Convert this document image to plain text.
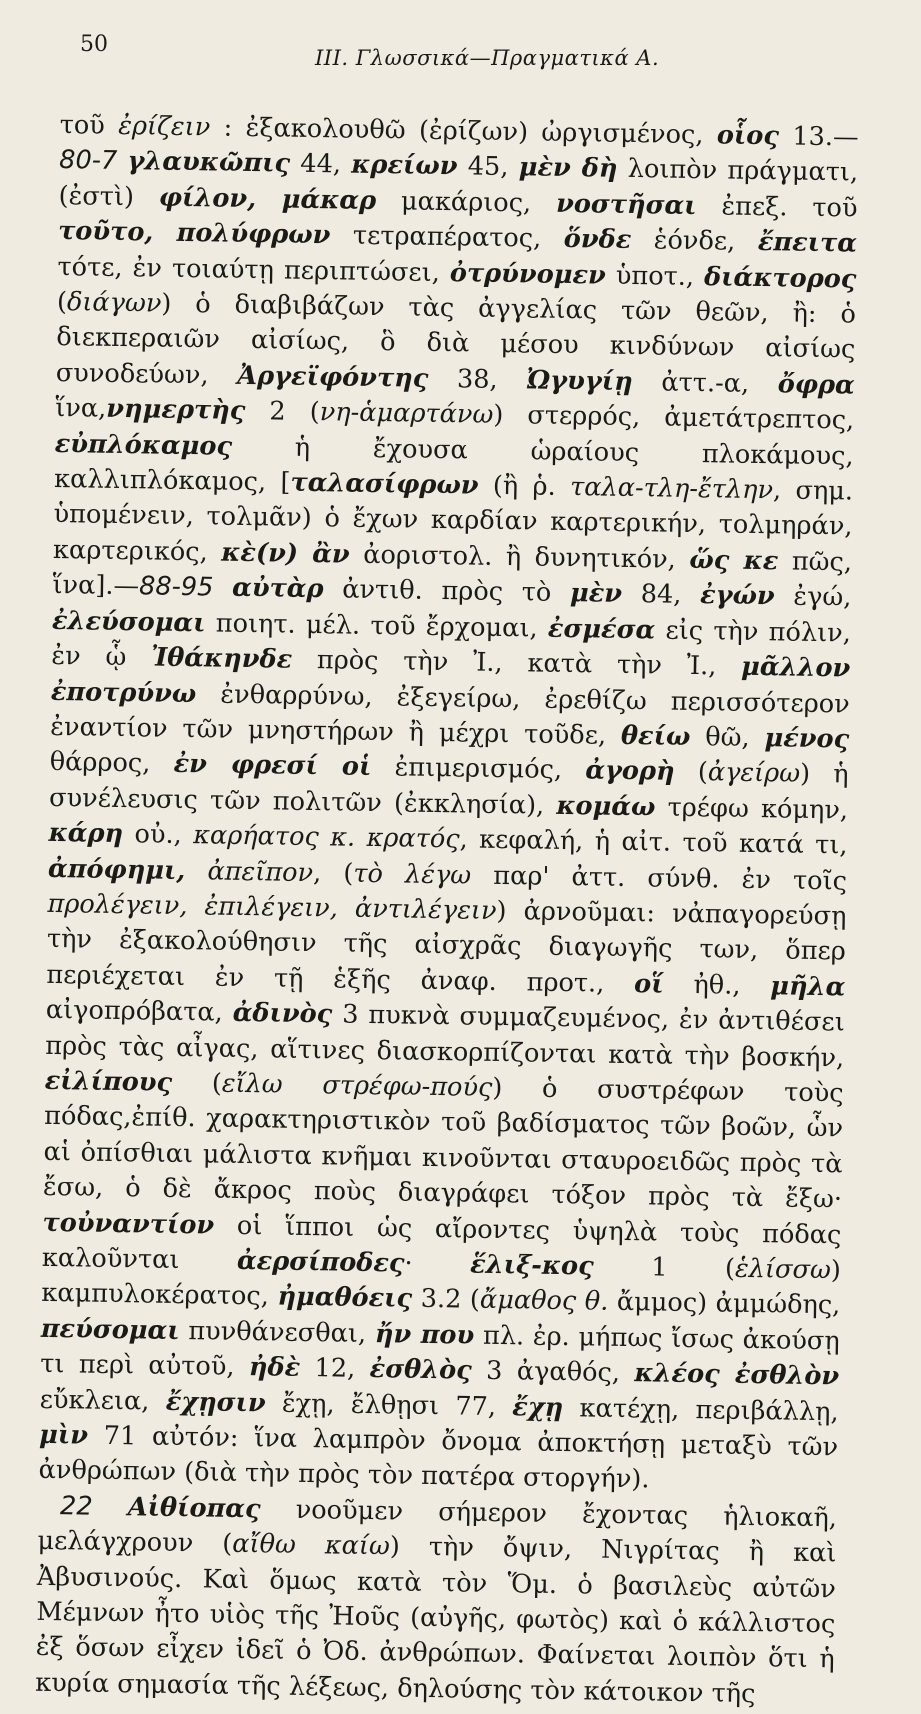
50
ΙΙΙ. Γλωσσικά—Πραγματικά Α.
τοῦ ἐρίζειν : ἐξακολουθῶ (ἐρίζων) ὠργισμένος, οἷος 13.—80-7 γλαυκῶπις 44, κρείων 45, μὲν δὴ λοιπὸν πράγματι, (ἐστὶ) φίλον, μάκαρ μακάριος, νοστῆσαι ἐπεξ. τοῦ τοῦτο, πολύφρων τετραπέρατος, ὅνδε ἑόνδε, ἔπειτα τότε, ἐν τοιαύτῃ περιπτώσει, ὀτρύνομεν ὑποτ., διάκτορος (διάγων) ὁ διαβιβάζων τὰς ἀγγελίας τῶν θεῶν, ἢ: ὁ διεκπεραιῶν αἰσίως, ὃ διὰ μέσου κινδύνων αἰσίως συνοδεύων, Ἀργεϊφόντης 38, Ὠγυγίῃ ἀττ.-α, ὄφρα ἵνα,νημερτὴς 2 (νη-ἁμαρτάνω) στερρός, ἀμετάτρεπτος, εὐπλόκαμος ἡ ἔχουσα ὡραίους πλοκάμους, καλλιπλόκαμος, [ταλασίφρων (ἢ ῥ. ταλα-τλη-ἔτλην, σημ. ὑπομένειν, τολμᾶν) ὁ ἔχων καρδίαν καρτερικήν, τολμηράν, καρτερικός, κὲ(ν) ἂν ἀοριστολ. ἢ δυνητικόν, ὥς κε πῶς, ἵνα].—88-95 αὐτὰρ ἀντιθ. πρὸς τὸ μὲν 84, ἐγών ἐγώ, ἐλεύσομαι ποιητ. μέλ. τοῦ ἔρχομαι, ἐσμέσα εἰς τὴν πόλιν, ἐν ᾧ Ἰθάκηνδε πρὸς τὴν Ἰ., κατὰ τὴν Ἰ., μᾶλλον ἐποτρύνω ἐνθαρρύνω, ἐξεγείρω, ἐρεθίζω περισσότερον ἐναντίον τῶν μνηστήρων ἢ μέχρι τοῦδε, θείω θῶ, μένος θάρρος, ἐν φρεσί οἱ ἐπιμερισμός, ἀγορὴ (ἀγείρω) ἡ συνέλευσις τῶν πολιτῶν (ἐκκλησία), κομάω τρέφω κόμην, κάρη οὐ., καρήατος κ. κρατός, κεφαλή, ἡ αἰτ. τοῦ κατά τι, ἀπόφημι, ἀπεῖπον, (τὸ λέγω παρ' ἀττ. σύνθ. ἐν τοῖς προλέγειν, ἐπιλέγειν, ἀντιλέγειν) ἀρνοῦμαι: νἀπαγορεύσῃ τὴν ἐξακολούθησιν τῆς αἰσχρᾶς διαγωγῆς των, ὅπερ περιέχεται ἐν τῇ ἑξῆς ἀναφ. προτ., οἵ ἠθ., μῆλα αἰγοπρόβατα, ἀδινὸς 3 πυκνὰ συμμαζευμένος, ἐν ἀντιθέσει πρὸς τὰς αἶγας, αἵτινες διασκορπίζονται κατὰ τὴν βοσκήν, εἰλίπους (εἴλω στρέφω-πούς) ὁ συστρέφων τοὺς πόδας,ἐπίθ. χαρακτηριστικὸν τοῦ βαδίσματος τῶν βοῶν, ὧν αἱ ὀπίσθιαι μάλιστα κνῆμαι κινοῦνται σταυροειδῶς πρὸς τὰ ἔσω, ὁ δὲ ἄκρος ποὺς διαγράφει τόξον πρὸς τὰ ἔξω· τοὐναντίον οἱ ἵπποι ὡς αἴροντες ὑψηλὰ τοὺς πόδας καλοῦνται ἀερσίποδες· ἕλιξ-κος 1 (ἑλίσσω) καμπυλοκέρατος, ἠμαθόεις 3.2 (ἄμαθος θ. ἄμμος) ἀμμώδης, πεύσομαι πυνθάνεσθαι, ἤν που πλ. ἐρ. μήπως ἴσως ἀκούσῃ τι περὶ αὐτοῦ, ἠδὲ 12, ἐσθλὸς 3 ἀγαθός, κλέος ἐσθλὸν εὔκλεια, ἔχῃσιν ἔχῃ, ἔλθῃσι 77, ἔχῃ κατέχῃ, περιβάλλῃ, μὶν 71 αὐτόν: ἵνα λαμπρὸν ὄνομα ἀποκτήσῃ μεταξὺ τῶν ἀνθρώπων (διὰ τὴν πρὸς τὸν πατέρα στοργήν).
22 Αἰθίοπας νοοῦμεν σήμερον ἔχοντας ἡλιοκαῆ, μελάγχρουν (αἴθω καίω) τὴν ὄψιν, Νιγρίτας ἢ καὶ Ἀβυσινούς. Καὶ ὅμως κατὰ τὸν Ὅμ. ὁ βασιλεὺς αὐτῶν Μέμνων ἦτο υἱὸς τῆς Ἠοῦς (αὐγῆς, φωτὸς) καὶ ὁ κάλλιστος ἐξ ὅσων εἶχεν ἰδεῖ ὁ Ὀδ. ἀνθρώπων. Φαίνεται λοιπὸν ὅτι ἡ κυρία σημασία τῆς λέξεως, δηλούσης τὸν κάτοικον τῆς
